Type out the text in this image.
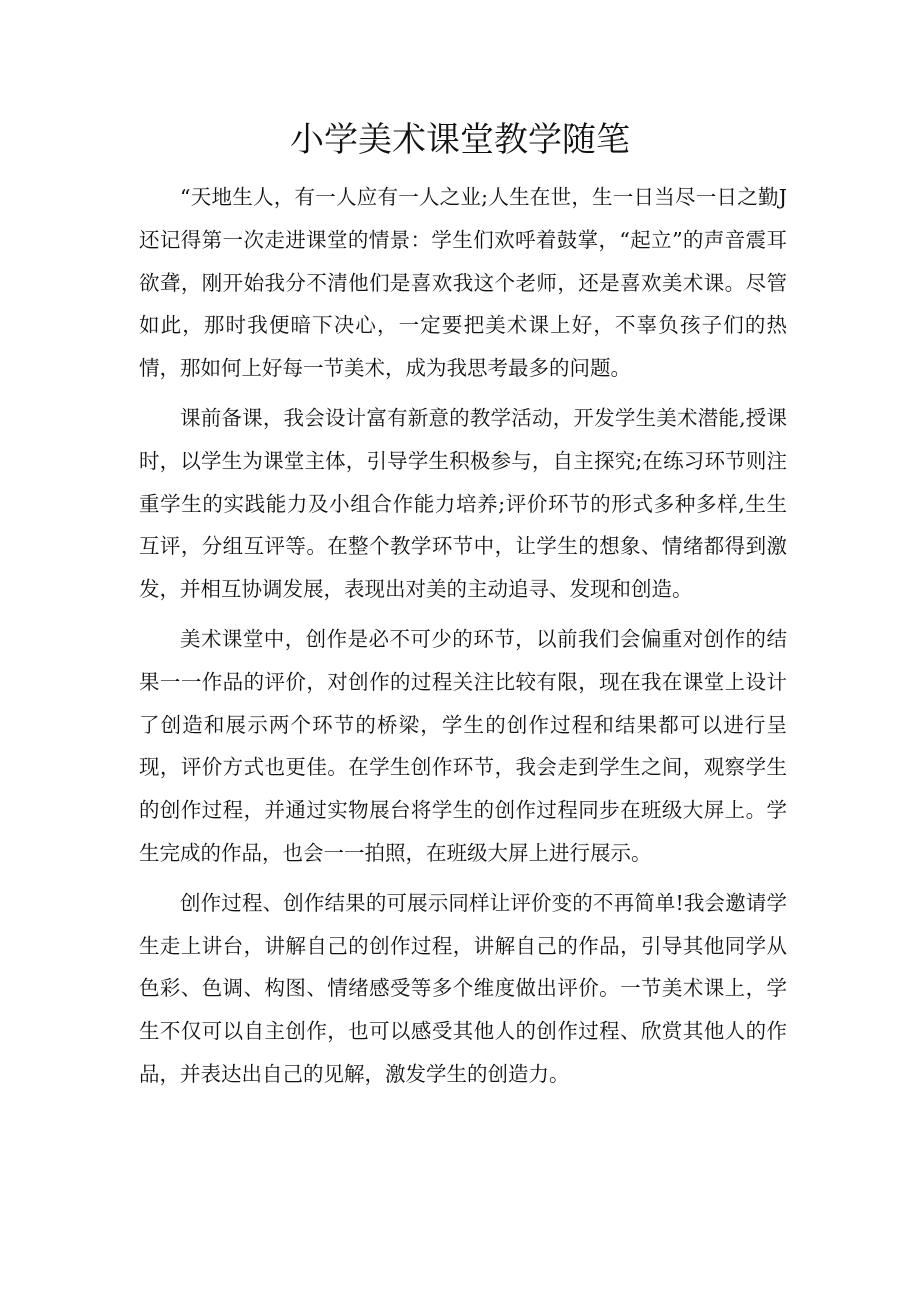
小学美术课堂教学随笔

“天地生人，有一人应有一人之业;人生在世，生一日当尽一日之勤J还记得第一次走进课堂的情景：学生们欢呼着鼓掌，“起立”的声音震耳欲聋，刚开始我分不清他们是喜欢我这个老师，还是喜欢美术课。尽管如此，那时我便暗下决心，一定要把美术课上好，不辜负孩子们的热情，那如何上好每一节美术，成为我思考最多的问题。

课前备课，我会设计富有新意的教学活动，开发学生美术潜能,授课时，以学生为课堂主体，引导学生积极参与，自主探究;在练习环节则注重学生的实践能力及小组合作能力培养;评价环节的形式多种多样,生生互评，分组互评等。在整个教学环节中，让学生的想象、情绪都得到激发，并相互协调发展，表现出对美的主动追寻、发现和创造。

美术课堂中，创作是必不可少的环节，以前我们会偏重对创作的结果一一作品的评价，对创作的过程关注比较有限，现在我在课堂上设计了创造和展示两个环节的桥梁，学生的创作过程和结果都可以进行呈现，评价方式也更佳。在学生创作环节，我会走到学生之间，观察学生的创作过程，并通过实物展台将学生的创作过程同步在班级大屏上。学生完成的作品，也会一一拍照，在班级大屏上进行展示。

创作过程、创作结果的可展示同样让评价变的不再简单!我会邀请学生走上讲台，讲解自己的创作过程，讲解自己的作品，引导其他同学从色彩、色调、构图、情绪感受等多个维度做出评价。一节美术课上，学生不仅可以自主创作，也可以感受其他人的创作过程、欣赏其他人的作品，并表达出自己的见解，激发学生的创造力。
